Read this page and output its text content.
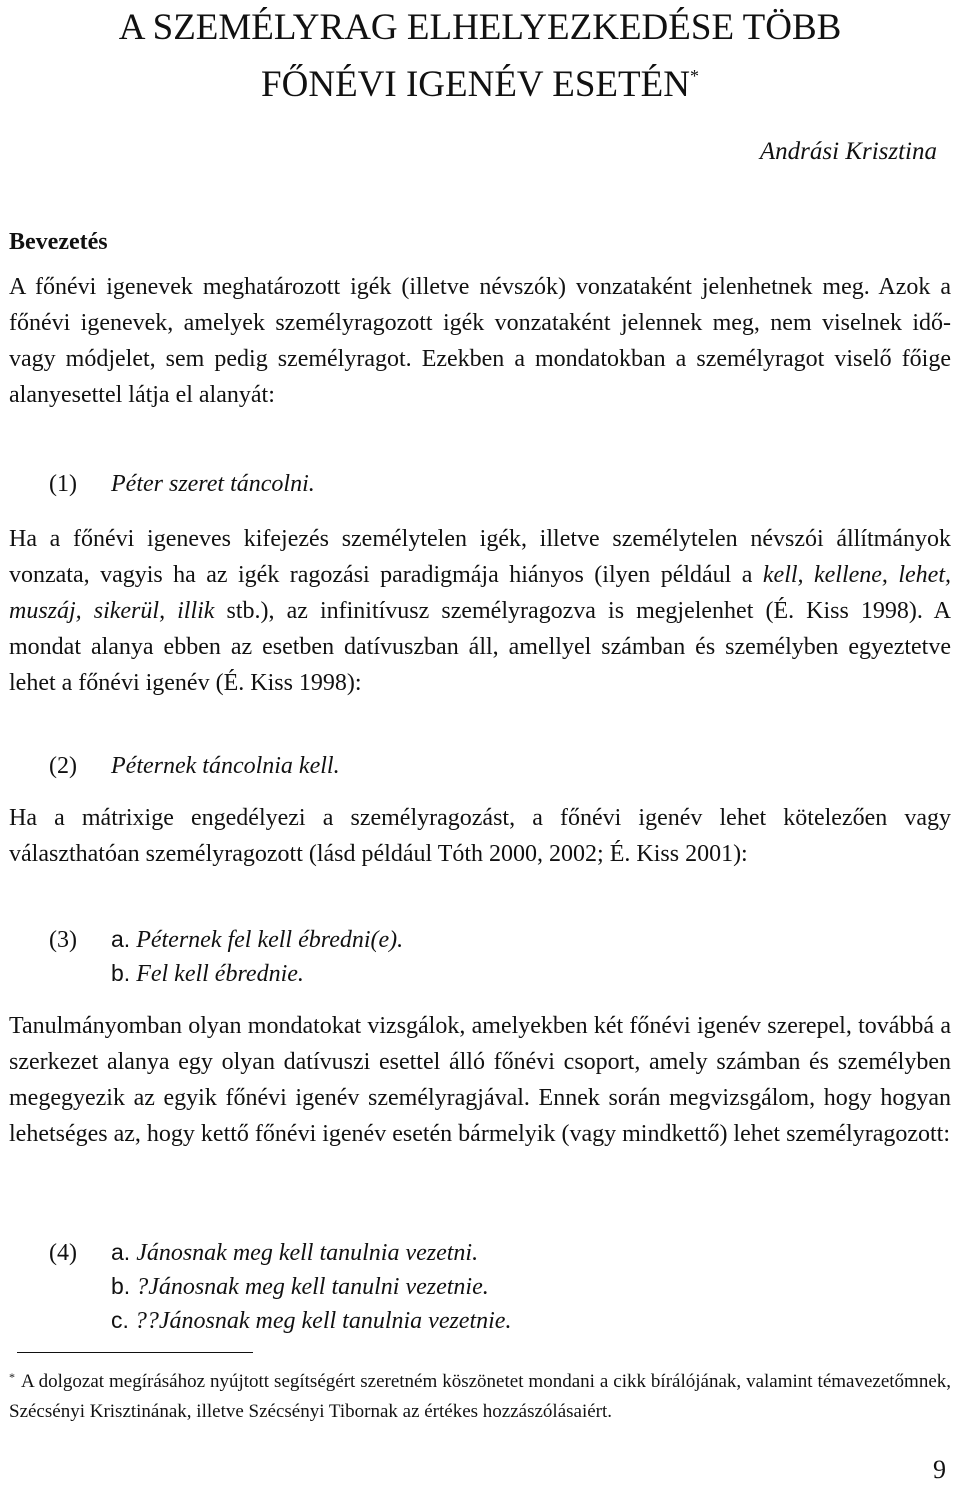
A SZEMÉLYRAG ELHELYEZKEDÉSE TÖBB
FŐNÉVI IGENÉV ESETÉN*
Andrási Krisztina
Bevezetés

A főnévi igenevek meghatározott igék (illetve névszók) vonzataként jelenhetnek meg. Azok a főnévi igenevek, amelyek személyragozott igék vonzataként jelennek meg, nem viselnek idő- vagy módjelet, sem pedig személyragot. Ezekben a mondatokban a személyragot viselő főige alanyesettel látja el alanyát:

(1) Péter szeret táncolni.

Ha a főnévi igeneves kifejezés személytelen igék, illetve személytelen névszói állítmányok vonzata, vagyis ha az igék ragozási paradigmája hiányos (ilyen például a kell, kellene, lehet, muszáj, sikerül, illik stb.), az infinitívusz személyragozva is megjelenhet (É. Kiss 1998). A mondat alanya ebben az esetben datívuszban áll, amellyel számban és személyben egyeztetve lehet a főnévi igenév (É. Kiss 1998):

(2) Péternek táncolnia kell.

Ha a mátrixige engedélyezi a személyragozást, a főnévi igenév lehet kötelezően vagy választhatóan személyragozott (lásd például Tóth 2000, 2002; É. Kiss 2001):

(3) a. Péternek fel kell ébredni(e).
b. Fel kell ébrednie.

Tanulmányomban olyan mondatokat vizsgálok, amelyekben két főnévi igenév szerepel, továbbá a szerkezet alanya egy olyan datívuszi esettel álló főnévi csoport, amely számban és személyben megegyezik az egyik főnévi igenév személyragjával. Ennek során megvizsgálom, hogy hogyan lehetséges az, hogy kettő főnévi igenév esetén bármelyik (vagy mindkettő) lehet személyragozott:

(4) a. Jánosnak meg kell tanulnia vezetni.
b. ?Jánosnak meg kell tanulni vezetnie.
c. ??Jánosnak meg kell tanulnia vezetnie.

* A dolgozat megírásához nyújtott segítségért szeretném köszönetet mondani a cikk bírálójának, valamint témavezetőmnek, Szécsényi Krisztinának, illetve Szécsényi Tibornak az értékes hozzászólásaiért.

9
